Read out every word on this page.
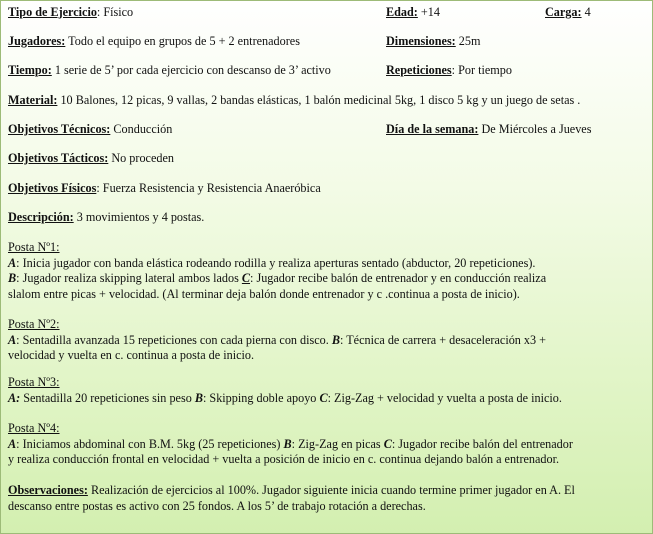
Tipo de Ejercicio: Físico	Edad: +14	Carga: 4
Jugadores: Todo el equipo en grupos de 5 + 2 entrenadores	Dimensiones: 25m
Tiempo: 1 serie de 5’ por cada ejercicio con descanso de 3’ activo	Repeticiones: Por tiempo
Material: 10 Balones, 12 picas, 9 vallas, 2 bandas elásticas, 1 balón medicinal 5kg, 1 disco 5 kg y un juego de setas .
Objetivos Técnicos: Conducción	Día de la semana: De Miércoles a Jueves
Objetivos Tácticos: No proceden
Objetivos Físicos: Fuerza Resistencia y Resistencia Anaeróbica
Descripción: 3 movimientos y 4 postas.
Posta Nº1:
A: Inicia jugador con banda elástica rodeando rodilla y realiza aperturas sentado (abductor, 20 repeticiones).
B: Jugador realiza skipping lateral ambos lados C: Jugador recibe balón de entrenador y en conducción realiza
slalom entre picas + velocidad. (Al terminar deja balón donde entrenador y c .continua a posta de inicio).
Posta Nº2:
A: Sentadilla avanzada 15 repeticiones con cada pierna con disco. B: Técnica de carrera + desaceleración x3 +
velocidad y vuelta en c. continua a posta de inicio.
Posta Nº3:
A: Sentadilla 20 repeticiones sin peso B: Skipping doble apoyo C: Zig-Zag + velocidad y vuelta a posta de inicio.
Posta Nº4:
A: Iniciamos abdominal con B.M. 5kg (25 repeticiones) B: Zig-Zag en picas C: Jugador recibe balón del entrenador
y realiza conducción frontal en velocidad + vuelta a posición de inicio en c. continua dejando balón a entrenador.
Observaciones: Realización de ejercicios al 100%. Jugador siguiente inicia cuando termine primer jugador en A. El
descanso entre postas es activo con 25 fondos. A los 5’ de trabajo rotación a derechas.
